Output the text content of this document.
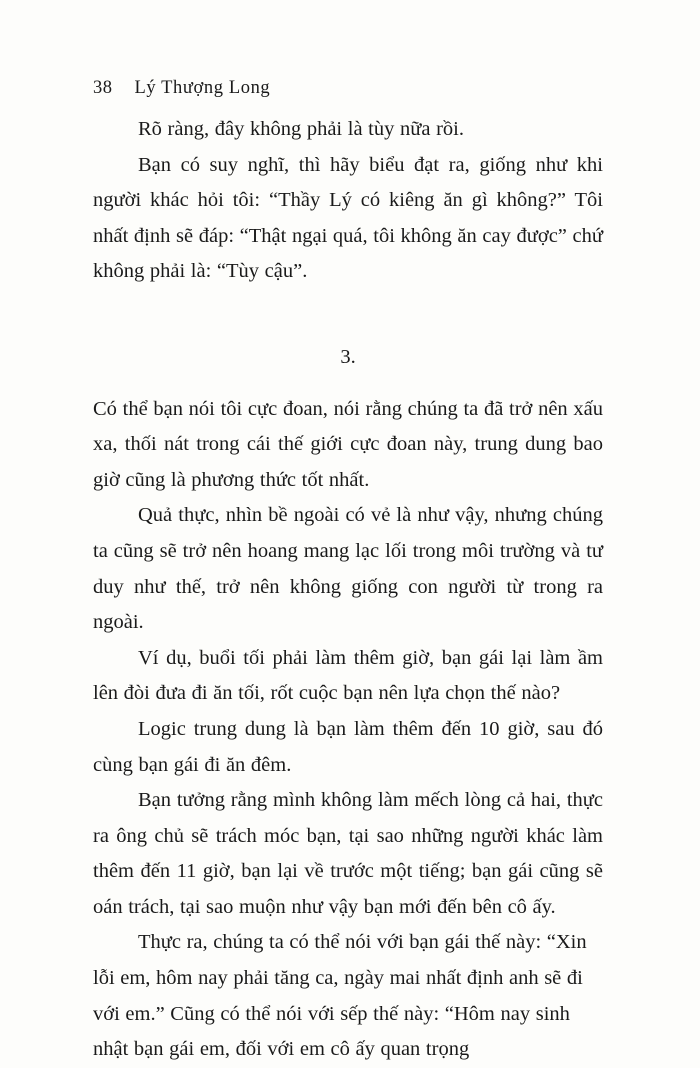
38 Lý Thượng Long

Rõ ràng, đây không phải là tùy nữa rồi.

Bạn có suy nghĩ, thì hãy biểu đạt ra, giống như khi người khác hỏi tôi: “Thầy Lý có kiêng ăn gì không?” Tôi nhất định sẽ đáp: “Thật ngại quá, tôi không ăn cay được” chứ không phải là: “Tùy cậu”.

3.

Có thể bạn nói tôi cực đoan, nói rằng chúng ta đã trở nên xấu xa, thối nát trong cái thế giới cực đoan này, trung dung bao giờ cũng là phương thức tốt nhất.

Quả thực, nhìn bề ngoài có vẻ là như vậy, nhưng chúng ta cũng sẽ trở nên hoang mang lạc lối trong môi trường và tư duy như thế, trở nên không giống con người từ trong ra ngoài.

Ví dụ, buổi tối phải làm thêm giờ, bạn gái lại làm ầm lên đòi đưa đi ăn tối, rốt cuộc bạn nên lựa chọn thế nào?

Logic trung dung là bạn làm thêm đến 10 giờ, sau đó cùng bạn gái đi ăn đêm.

Bạn tưởng rằng mình không làm mếch lòng cả hai, thực ra ông chủ sẽ trách móc bạn, tại sao những người khác làm thêm đến 11 giờ, bạn lại về trước một tiếng; bạn gái cũng sẽ oán trách, tại sao muộn như vậy bạn mới đến bên cô ấy.

Thực ra, chúng ta có thể nói với bạn gái thế này: “Xin lỗi em, hôm nay phải tăng ca, ngày mai nhất định anh sẽ đi với em.” Cũng có thể nói với sếp thế này: “Hôm nay sinh nhật bạn gái em, đối với em cô ấy quan trọng
